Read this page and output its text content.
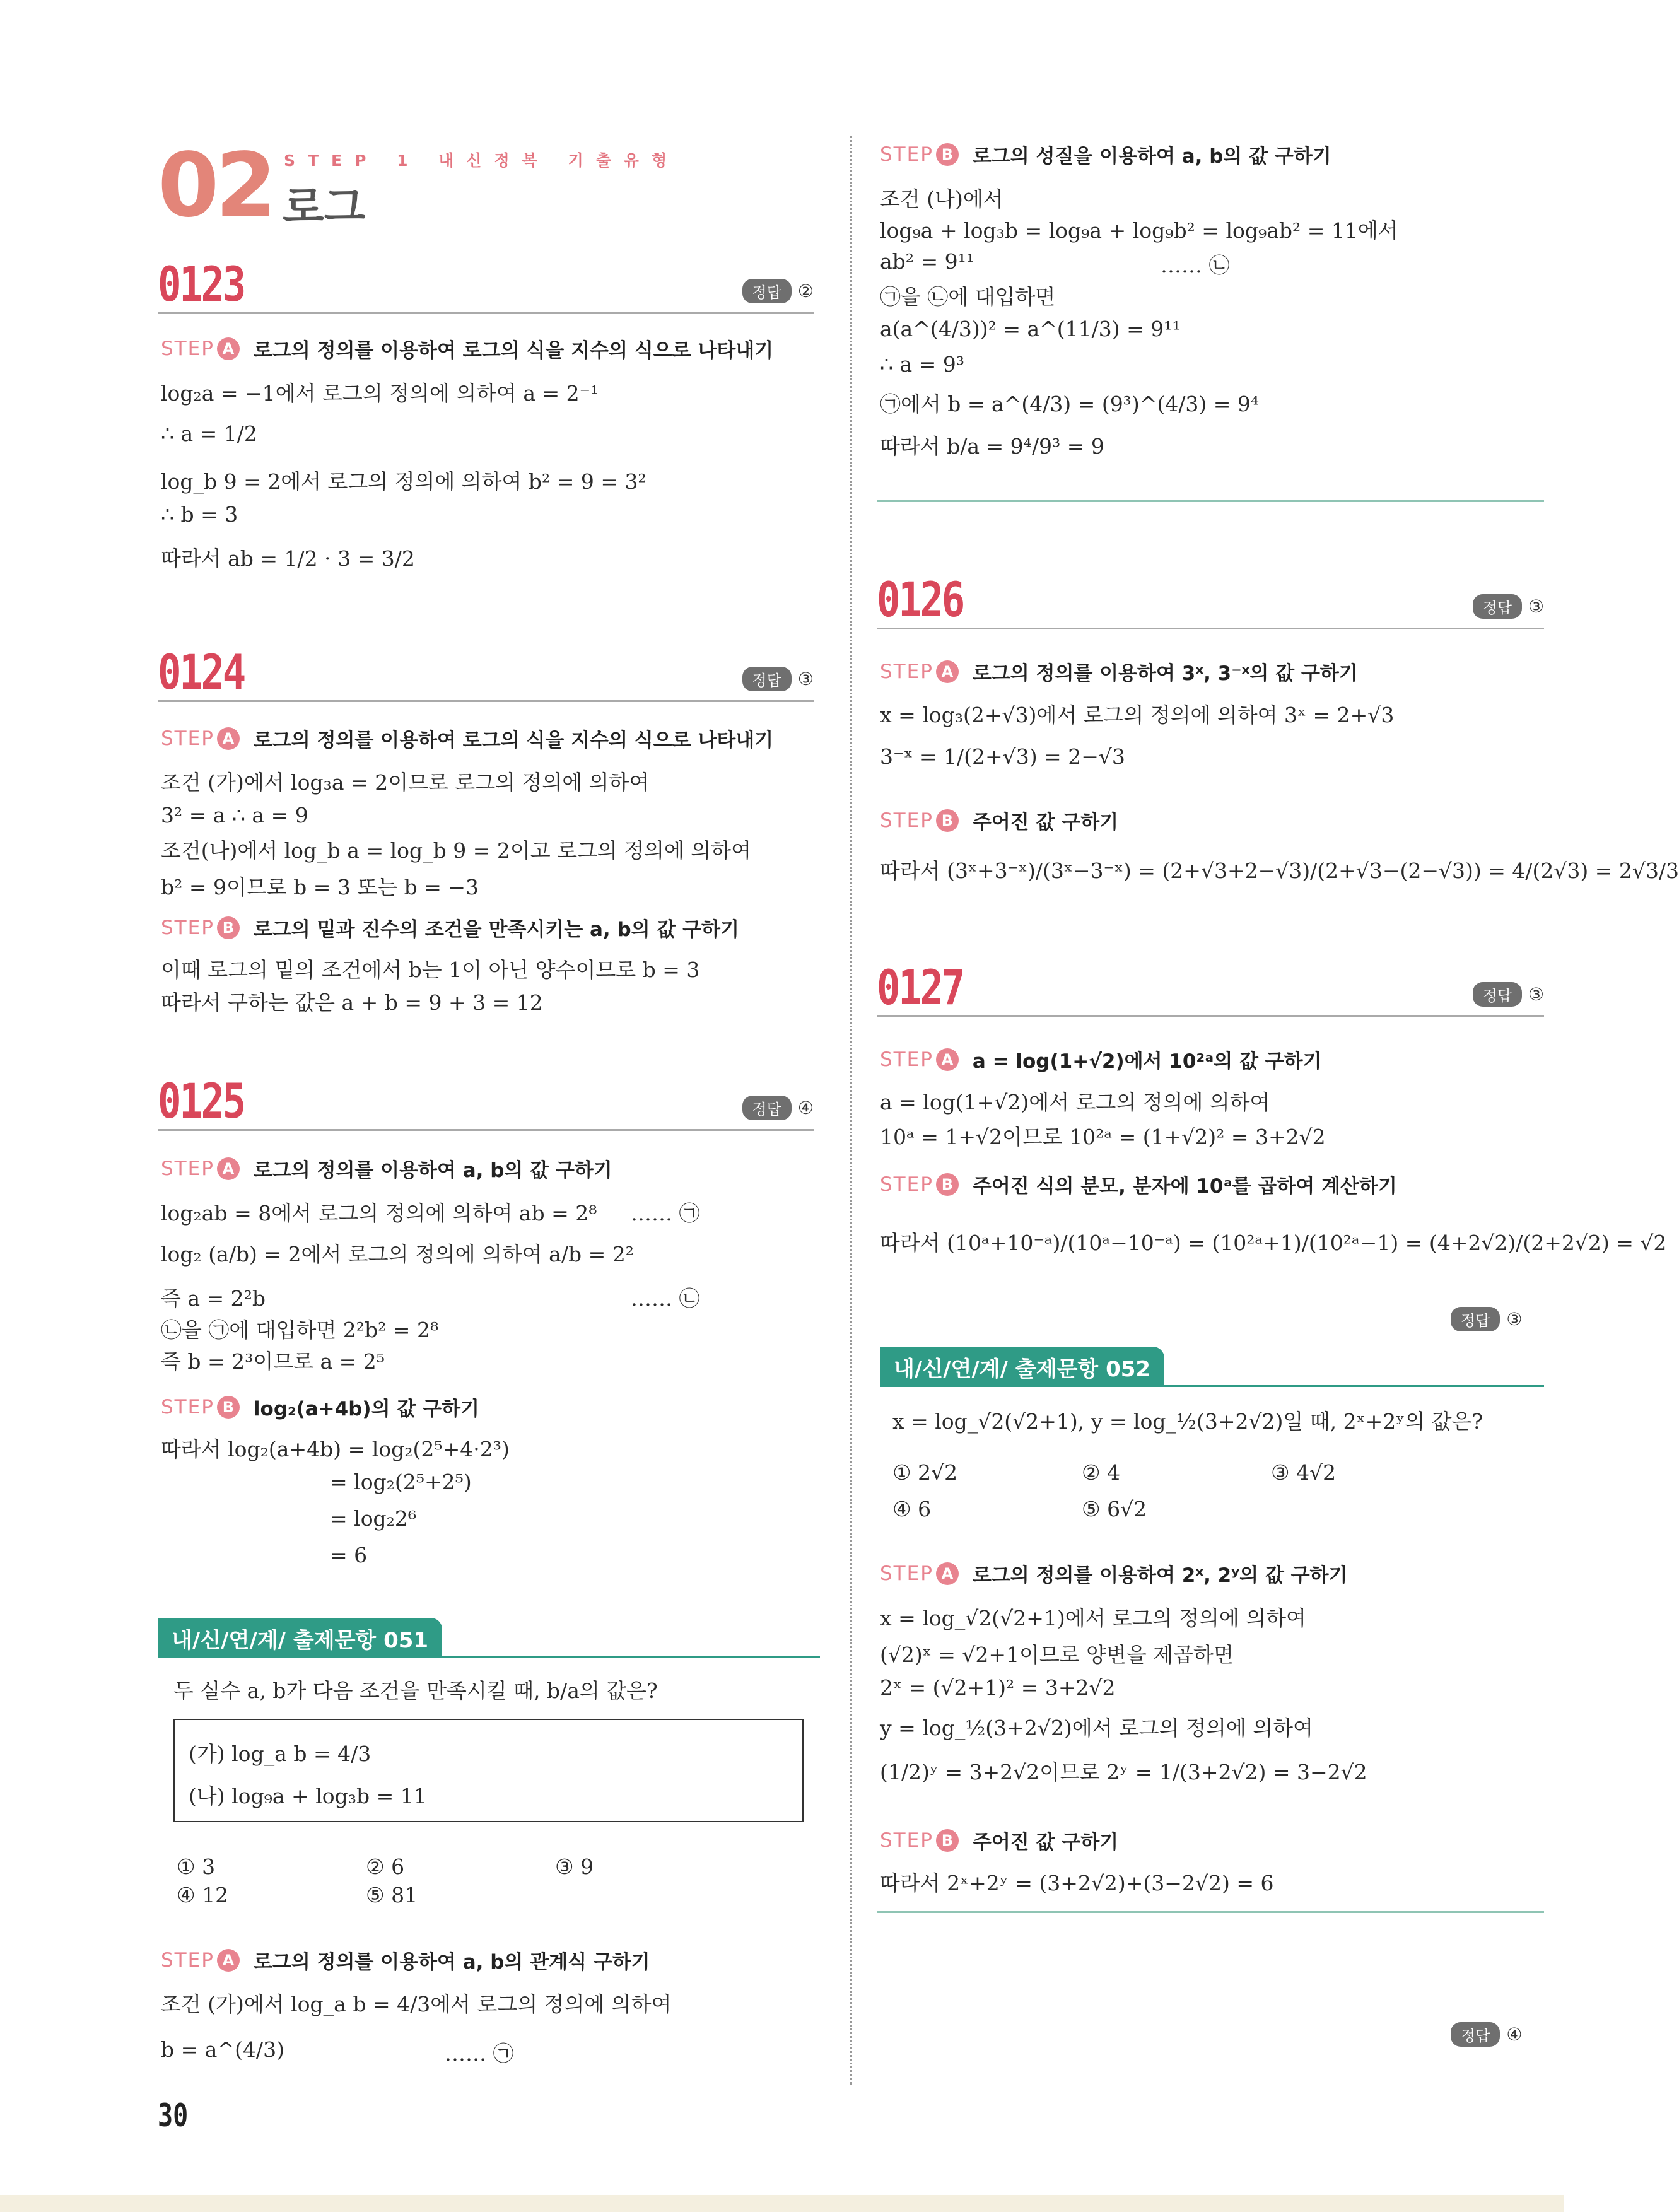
02 STEP 1 내신정복 기출유형
로그
0123	정답 ②
STEP A 로그의 정의를 이용하여 로그의 식을 지수의 식으로 나타내기
log₂a = −1에서 로그의 정의에 의하여 a = 2⁻¹
∴ a = 1/2
log_b 9 = 2에서 로그의 정의에 의하여 b² = 9 = 3²
∴ b = 3
따라서 ab = 1/2 · 3 = 3/2
0124	정답 ③
STEP A 로그의 정의를 이용하여 로그의 식을 지수의 식으로 나타내기
조건 (가)에서 log₃a = 2이므로 로그의 정의에 의하여
3² = a ∴ a = 9
조건(나)에서 log_b a = log_b 9 = 2이고 로그의 정의에 의하여
b² = 9이므로 b = 3 또는 b = −3
STEP B 로그의 밑과 진수의 조건을 만족시키는 a, b의 값 구하기
이때 로그의 밑의 조건에서 b는 1이 아닌 양수이므로 b = 3
따라서 구하는 값은 a + b = 9 + 3 = 12
0125	정답 ④
STEP A 로그의 정의를 이용하여 a, b의 값 구하기
log₂ab = 8에서 로그의 정의에 의하여 ab = 2⁸
log₂ (a/b) = 2에서 로그의 정의에 의하여 a/b = 2²
즉 a = 2²b
㉡을 ㉠에 대입하면 2²b² = 2⁸
즉 b = 2³이므로 a = 2⁵
…… ㉠
…… ㉡
STEP B log₂(a+4b)의 값 구하기
따라서 log₂(a+4b) = log₂(2⁵+4·2³)
= log₂(2⁵+2⁵)
= log₂2⁶
= 6
내/신/연/계/ 출제문항 051
두 실수 a, b가 다음 조건을 만족시킬 때, b/a의 값은?
(가) log_a b = 4/3
(나) log₉a + log₃b = 11
① 3	② 6	③ 9
④ 12	⑤ 81
STEP A 로그의 정의를 이용하여 a, b의 관계식 구하기
조건 (가)에서 log_a b = 4/3에서 로그의 정의에 의하여
b = a^(4/3)	…… ㉠
30
STEP B 로그의 성질을 이용하여 a, b의 값 구하기
조건 (나)에서
log₉a + log₃b = log₉a + log₉b² = log₉ab² = 11에서
ab² = 9¹¹	…… ㉡
㉠을 ㉡에 대입하면
a(a^(4/3))² = a^(11/3) = 9¹¹
∴ a = 9³
㉠에서 b = a^(4/3) = (9³)^(4/3) = 9⁴
따라서 b/a = 9⁴/9³ = 9
정답 ③
0126	정답 ③
STEP A 로그의 정의를 이용하여 3ˣ, 3⁻ˣ의 값 구하기
x = log₃(2+√3)에서 로그의 정의에 의하여 3ˣ = 2+√3
3⁻ˣ = 1/(2+√3) = 2−√3
STEP B 주어진 값 구하기
따라서 (3ˣ+3⁻ˣ)/(3ˣ−3⁻ˣ) = (2+√3+2−√3)/(2+√3−(2−√3)) = 4/(2√3) = 2√3/3
0127	정답 ③
STEP A a = log(1+√2)에서 10²ᵃ의 값 구하기
a = log(1+√2)에서 로그의 정의에 의하여
10ᵃ = 1+√2이므로 10²ᵃ = (1+√2)² = 3+2√2
STEP B 주어진 식의 분모, 분자에 10ᵃ를 곱하여 계산하기
따라서 (10ᵃ+10⁻ᵃ)/(10ᵃ−10⁻ᵃ) = (10²ᵃ+1)/(10²ᵃ−1) = (4+2√2)/(2+2√2) = √2
내/신/연/계/ 출제문항 052
x = log_√2(√2+1), y = log_½(3+2√2)일 때, 2ˣ+2ʸ의 값은?
① 2√2	② 4	③ 4√2
④ 6	⑤ 6√2
STEP A 로그의 정의를 이용하여 2ˣ, 2ʸ의 값 구하기
x = log_√2(√2+1)에서 로그의 정의에 의하여
(√2)ˣ = √2+1이므로 양변을 제곱하면
2ˣ = (√2+1)² = 3+2√2
y = log_½(3+2√2)에서 로그의 정의에 의하여
(1/2)ʸ = 3+2√2이므로 2ʸ = 1/(3+2√2) = 3−2√2
STEP B 주어진 값 구하기
따라서 2ˣ+2ʸ = (3+2√2)+(3−2√2) = 6
정답 ④
